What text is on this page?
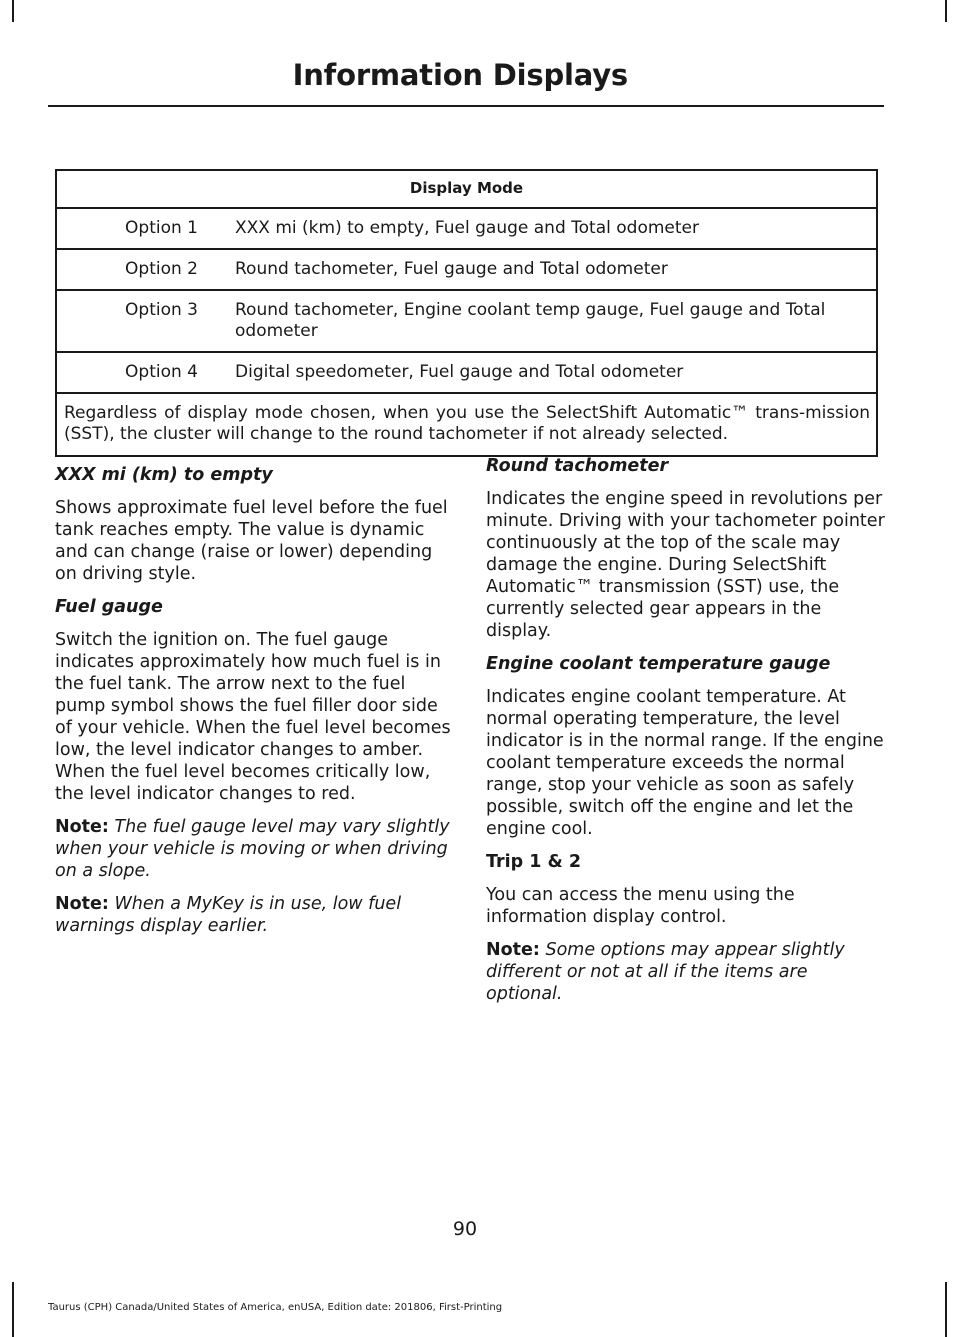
Information Displays
Display Mode	
Option 1	XXX mi (km) to empty, Fuel gauge and Total odometer
Option 2	Round tachometer, Fuel gauge and Total odometer
Option 3	Round tachometer, Engine coolant temp gauge, Fuel gauge and Total odometer
Option 4	Digital speedometer, Fuel gauge and Total odometer
Regardless of display mode chosen, when you use the SelectShift Automatic™ trans-mission (SST), the cluster will change to the round tachometer if not already selected.	
XXX mi (km) to empty

Shows approximate fuel level before the fuel tank reaches empty. The value is dynamic and can change (raise or lower) depending on driving style.

Fuel gauge

Switch the ignition on. The fuel gauge indicates approximately how much fuel is in the fuel tank. The arrow next to the fuel pump symbol shows the fuel filler door side of your vehicle. When the fuel level becomes low, the level indicator changes to amber. When the fuel level becomes critically low, the level indicator changes to red.

Note: The fuel gauge level may vary slightly when your vehicle is moving or when driving on a slope.

Note: When a MyKey is in use, low fuel warnings display earlier.

Round tachometer

Indicates the engine speed in revolutions per minute. Driving with your tachometer pointer continuously at the top of the scale may damage the engine. During SelectShift Automatic™ transmission (SST) use, the currently selected gear appears in the display.

Engine coolant temperature gauge

Indicates engine coolant temperature. At normal operating temperature, the level indicator is in the normal range. If the engine coolant temperature exceeds the normal range, stop your vehicle as soon as safely possible, switch off the engine and let the engine cool.

Trip 1 & 2

You can access the menu using the information display control.

Note: Some options may appear slightly different or not at all if the items are optional.

90
Taurus (CPH) Canada/United States of America, enUSA, Edition date: 201806, First-Printing
